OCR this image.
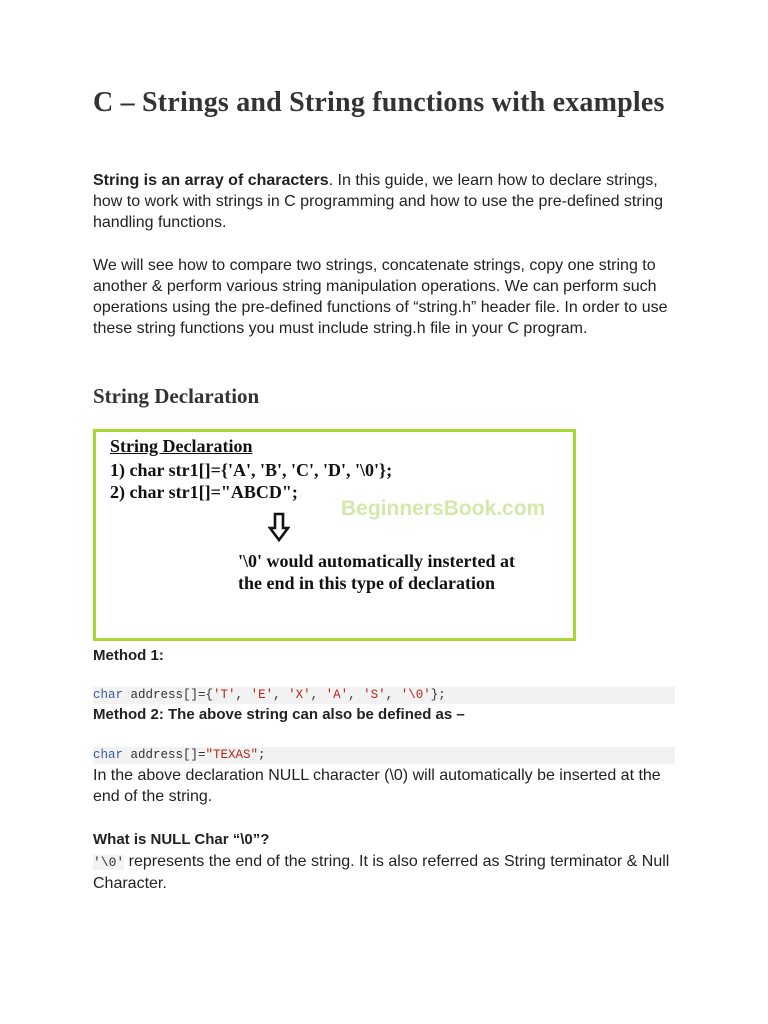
C – Strings and String functions with examples

String is an array of characters. In this guide, we learn how to declare strings, how to work with strings in C programming and how to use the pre-defined string handling functions.

We will see how to compare two strings, concatenate strings, copy one string to another & perform various string manipulation operations. We can perform such operations using the pre-defined functions of “string.h” header file. In order to use these string functions you must include string.h file in your C program.

String Declaration
String Declaration
1) char str1[]={'A', 'B', 'C', 'D', '\0'};
2) char str1[]="ABCD";
BeginnersBook.com
'\0' would automatically insterted at the end in this type of declaration

Method 1:

char address[]={'T', 'E', 'X', 'A', 'S', '\0'};

Method 2: The above string can also be defined as –

char address[]="TEXAS";

In the above declaration NULL character (\0) will automatically be inserted at the end of the string.

What is NULL Char “\0”?

'\0' represents the end of the string. It is also referred as String terminator & Null Character.
